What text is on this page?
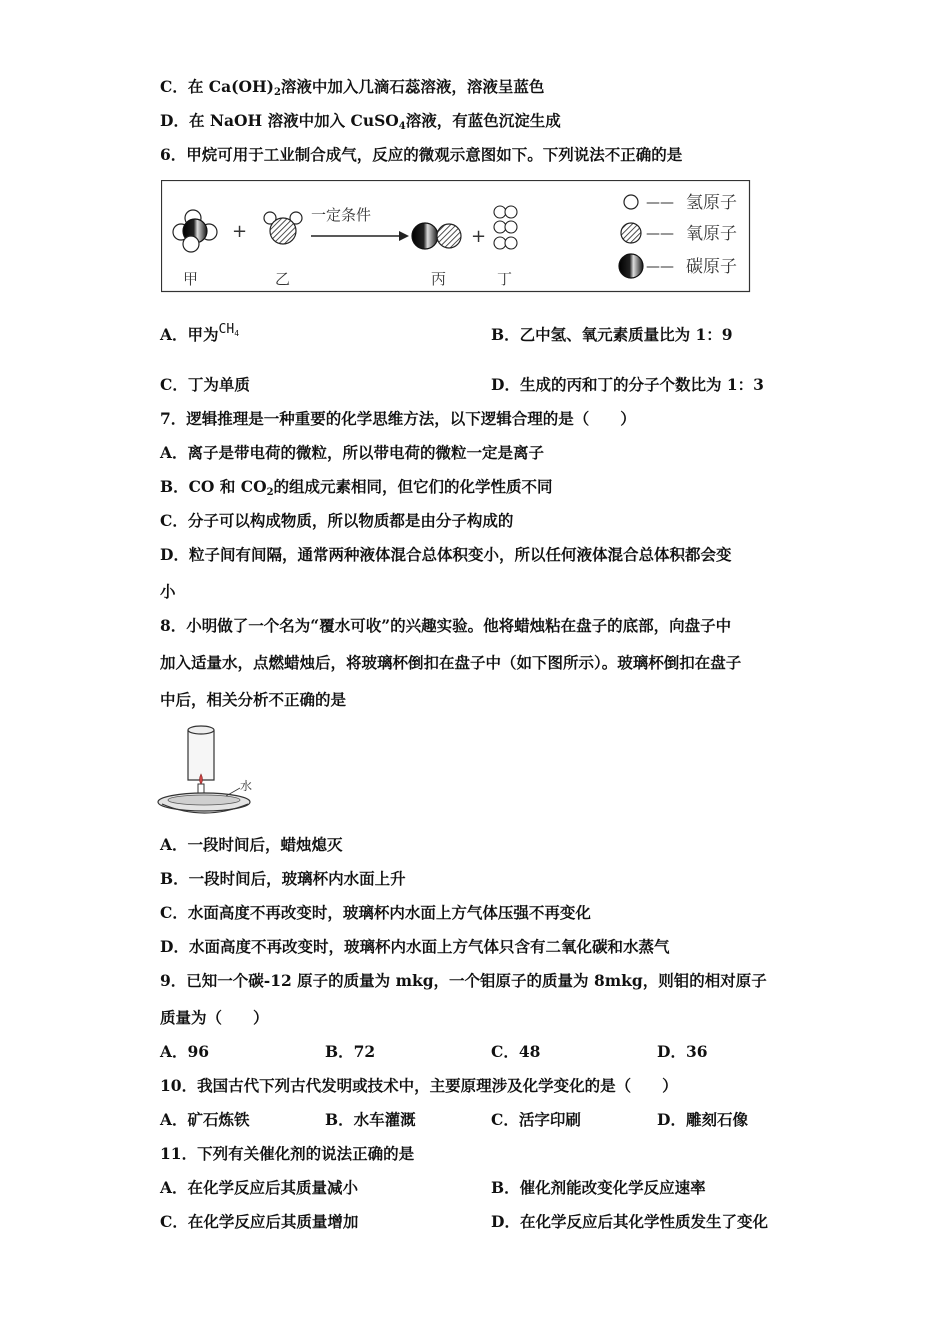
C．在 $Ca(OH)_2$溶液中加入几滴石蕊溶液，溶液呈蓝色
D．在 NaOH 溶液中加入 CuSO$_4$溶液，有蓝色沉淀生成
6．甲烷可用于工业制合成气，反应的微观示意图如下。下列说法不正确的是
+
一定条件
+
甲	乙	丙	丁
—— 氢原子
—— 氧原子
—— 碳原子
A．甲为$^{CH_4}$	B．乙中氢、氧元素质量比为 1：9
C．丁为单质	D．生成的丙和丁的分子个数比为 1：3
7．逻辑推理是一种重要的化学思维方法，以下逻辑合理的是（　　）
A．离子是带电荷的微粒，所以带电荷的微粒一定是离子
B．CO 和 $CO_2$的组成元素相同，但它们的化学性质不同
C．分子可以构成物质，所以物质都是由分子构成的
D．粒子间有间隔，通常两种液体混合总体积变小，所以任何液体混合总体积都会变
小
8．小明做了一个名为“覆水可收”的兴趣实验。他将蜡烛粘在盘子的底部，向盘子中
加入适量水，点燃蜡烛后，将玻璃杯倒扣在盘子中（如下图所示）。玻璃杯倒扣在盘子
中后，相关分析不正确的是
水
A．一段时间后，蜡烛熄灭
B．一段时间后，玻璃杯内水面上升
C．水面高度不再改变时，玻璃杯内水面上方气体压强不再变化
D．水面高度不再改变时，玻璃杯内水面上方气体只含有二氧化碳和水蒸气
9．已知一个碳-12 原子的质量为 mkg，一个钼原子的质量为 8mkg，则钼的相对原子
质量为（　　）
A．96	B．72	C．48	D．36
10．我国古代下列古代发明或技术中，主要原理涉及化学变化的是（　　）
A．矿石炼铁	B．水车灌溉	C．活字印刷	D．雕刻石像
11．下列有关催化剂的说法正确的是
A．在化学反应后其质量减小	B．催化剂能改变化学反应速率
C．在化学反应后其质量增加	D．在化学反应后其化学性质发生了变化
